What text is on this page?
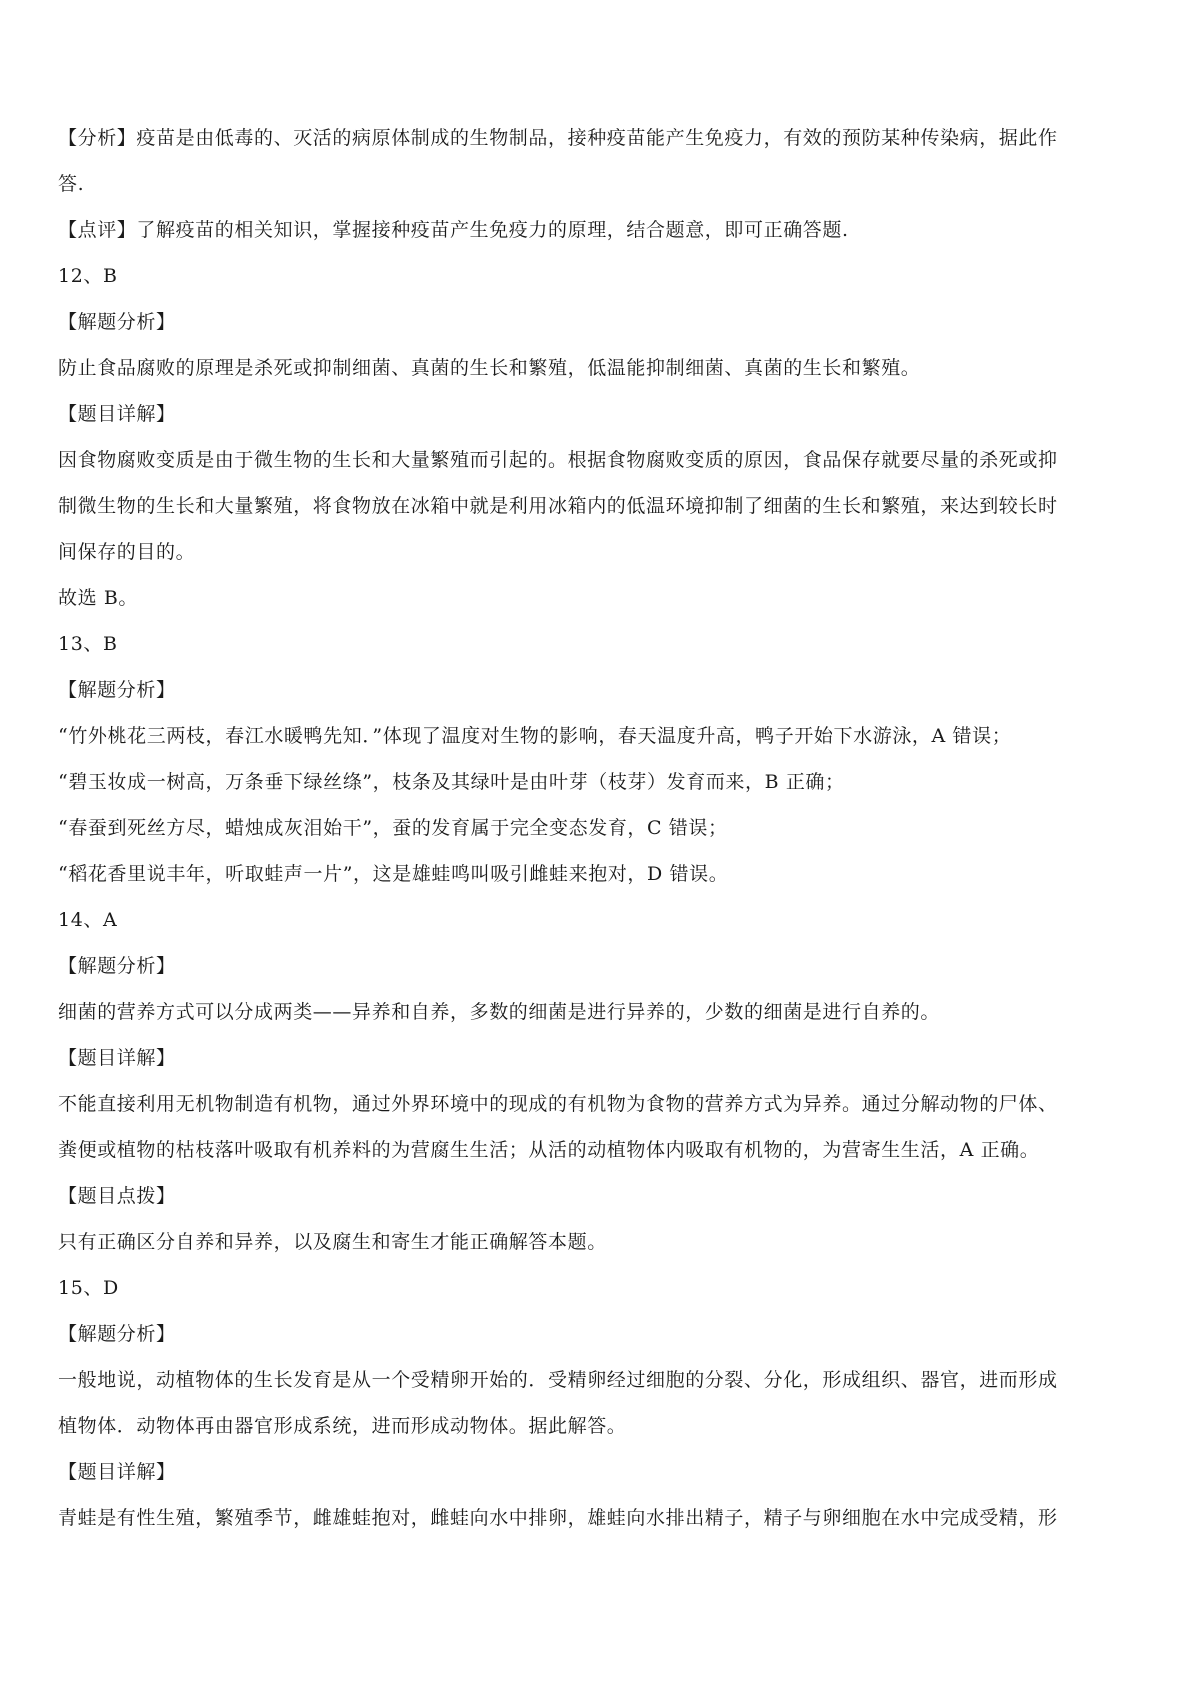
【分析】疫苗是由低毒的、灭活的病原体制成的生物制品，接种疫苗能产生免疫力，有效的预防某种传染病，据此作
答.
【点评】了解疫苗的相关知识，掌握接种疫苗产生免疫力的原理，结合题意，即可正确答题.
12、B
【解题分析】
防止食品腐败的原理是杀死或抑制细菌、真菌的生长和繁殖，低温能抑制细菌、真菌的生长和繁殖。
【题目详解】
因食物腐败变质是由于微生物的生长和大量繁殖而引起的。根据食物腐败变质的原因，食品保存就要尽量的杀死或抑
制微生物的生长和大量繁殖，将食物放在冰箱中就是利用冰箱内的低温环境抑制了细菌的生长和繁殖，来达到较长时
间保存的目的。
故选 B。
13、B
【解题分析】
“竹外桃花三两枝，春江水暖鸭先知．”体现了温度对生物的影响，春天温度升高，鸭子开始下水游泳，A 错误；
“碧玉妆成一树高，万条垂下绿丝绦”，枝条及其绿叶是由叶芽（枝芽）发育而来，B 正确；
“春蚕到死丝方尽，蜡烛成灰泪始干”，蚕的发育属于完全变态发育，C 错误；
“稻花香里说丰年，听取蛙声一片”，这是雄蛙鸣叫吸引雌蛙来抱对，D 错误。
14、A
【解题分析】
细菌的营养方式可以分成两类——异养和自养，多数的细菌是进行异养的，少数的细菌是进行自养的。
【题目详解】
不能直接利用无机物制造有机物，通过外界环境中的现成的有机物为食物的营养方式为异养。通过分解动物的尸体、
粪便或植物的枯枝落叶吸取有机养料的为营腐生生活；从活的动植物体内吸取有机物的，为营寄生生活，A 正确。
【题目点拨】
只有正确区分自养和异养，以及腐生和寄生才能正确解答本题。
15、D
【解题分析】
一般地说，动植物体的生长发育是从一个受精卵开始的．受精卵经过细胞的分裂、分化，形成组织、器官，进而形成
植物体．动物体再由器官形成系统，进而形成动物体。据此解答。
【题目详解】
青蛙是有性生殖，繁殖季节，雌雄蛙抱对，雌蛙向水中排卵，雄蛙向水排出精子，精子与卵细胞在水中完成受精，形
